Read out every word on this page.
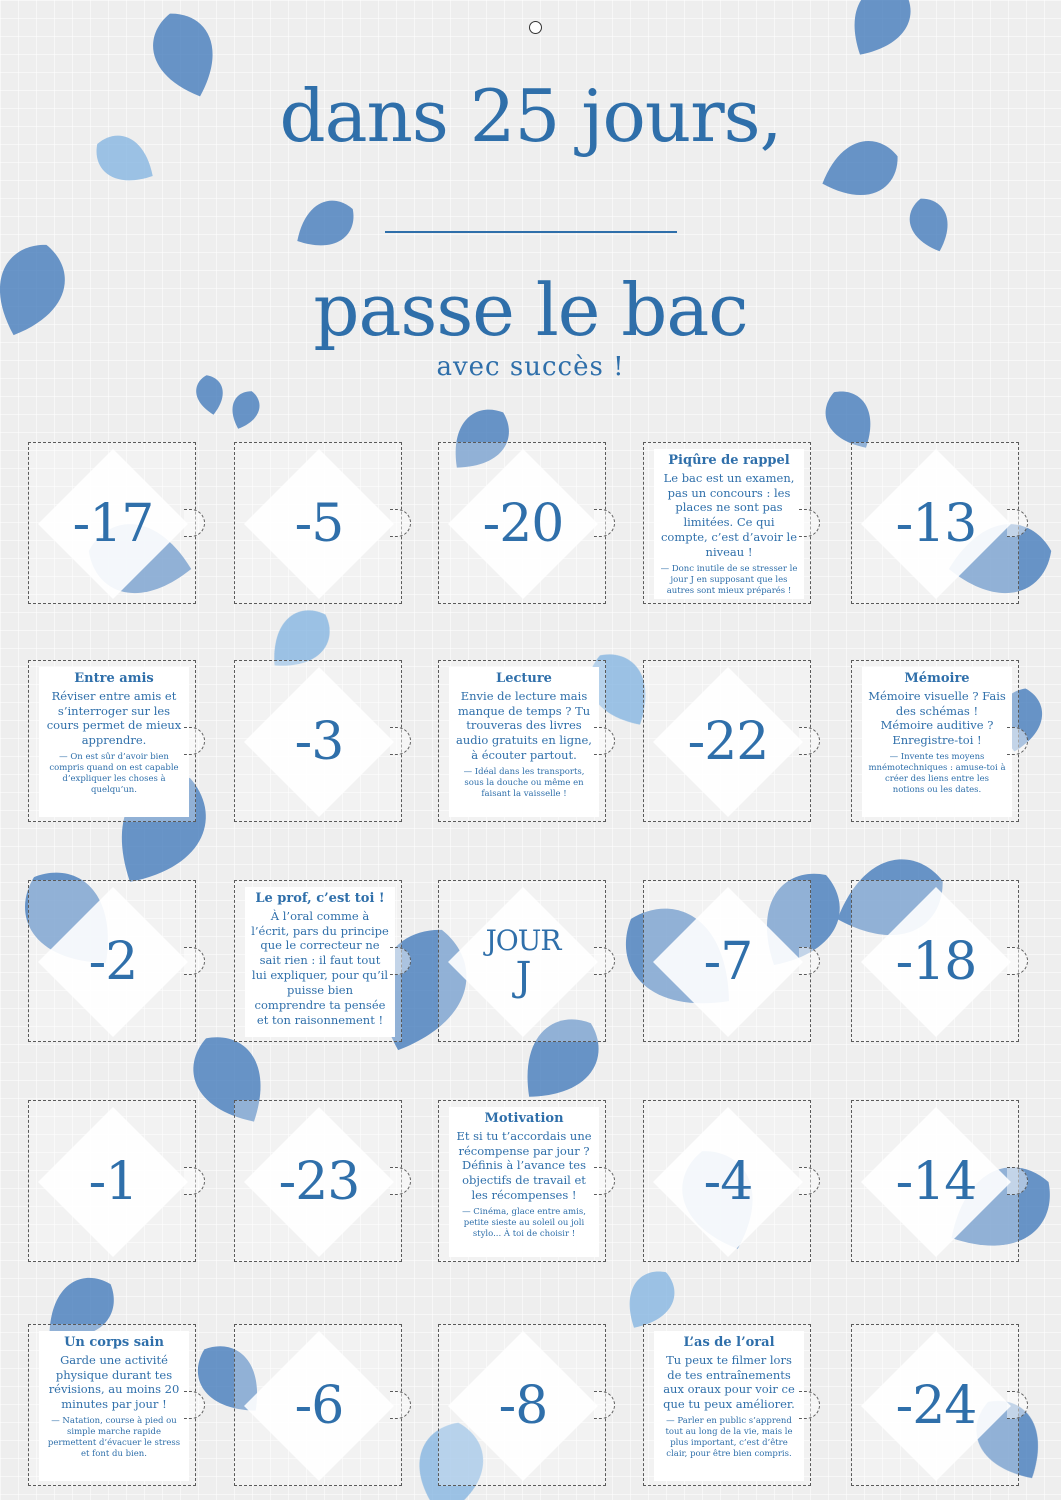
dans 25 jours,
passe le bac
avec succès !
-17	-5	-20
Piqûre de rappel
Le bac est un examen, pas un concours : les places ne sont pas limitées. Ce qui compte, c’est d’avoir le niveau !
— Donc inutile de se stresser le jour J en supposant que les autres sont mieux préparés !
-13
Entre amis
Réviser entre amis et s’interroger sur les cours permet de mieux apprendre.
— On est sûr d’avoir bien compris quand on est capable d’expliquer les choses à quelqu’un.
-3
Lecture
Envie de lecture mais manque de temps ? Tu trouveras des livres audio gratuits en ligne, à écouter partout.
— Idéal dans les transports, sous la douche ou même en faisant la vaisselle !
-22
Mémoire
Mémoire visuelle ? Fais des schémas ! Mémoire auditive ? Enregistre-toi !
— Invente tes moyens mnémotechniques : amuse-toi à créer des liens entre les notions ou les dates.
-2
Le prof, c’est toi !
À l’oral comme à l’écrit, pars du principe que le correcteur ne sait rien : il faut tout lui expliquer, pour qu’il puisse bien comprendre ta pensée et ton raisonnement !
JOUR
J	-7	-18
-1	-23
Motivation
Et si tu t’accordais une récompense par jour ? Définis à l’avance tes objectifs de travail et les récompenses !
— Cinéma, glace entre amis, petite sieste au soleil ou joli stylo... À toi de choisir !
-4	-14
Un corps sain
Garde une activité physique durant tes révisions, au moins 20 minutes par jour !
— Natation, course à pied ou simple marche rapide permettent d’évacuer le stress et font du bien.
-6	-8
L’as de l’oral
Tu peux te filmer lors de tes entraînements aux oraux pour voir ce que tu peux améliorer.
— Parler en public s’apprend tout au long de la vie, mais le plus important, c’est d’être clair, pour être bien compris.
-24
